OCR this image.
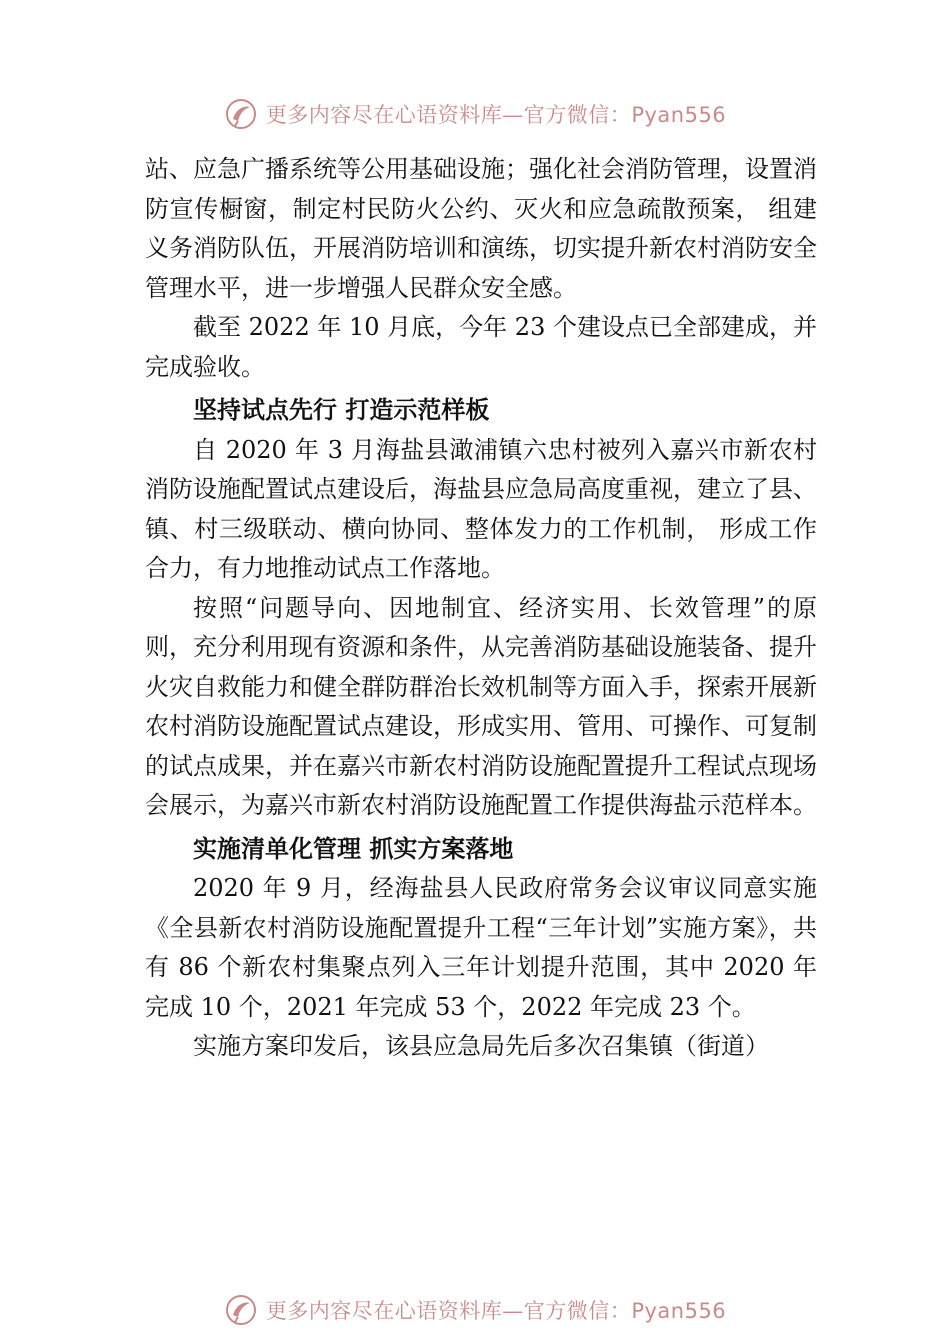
更多内容尽在心语资料库—官方微信：Pyan556

站、应急广播系统等公用基础设施；强化社会消防管理，设置消防宣传橱窗，制定村民防火公约、灭火和应急疏散预案， 组建义务消防队伍，开展消防培训和演练，切实提升新农村消防安全管理水平，进一步增强人民群众安全感。

截至 2022 年 10 月底，今年 23 个建设点已全部建成，并完成验收。

坚持试点先行 打造示范样板

自 2020 年 3 月海盐县澉浦镇六忠村被列入嘉兴市新农村消防设施配置试点建设后，海盐县应急局高度重视，建立了县、镇、村三级联动、横向协同、整体发力的工作机制， 形成工作合力，有力地推动试点工作落地。

按照“问题导向、因地制宜、经济实用、长效管理”的原则，充分利用现有资源和条件，从完善消防基础设施装备、提升火灾自救能力和健全群防群治长效机制等方面入手，探索开展新农村消防设施配置试点建设，形成实用、管用、可操作、可复制的试点成果，并在嘉兴市新农村消防设施配置提升工程试点现场会展示，为嘉兴市新农村消防设施配置工作提供海盐示范样本。

实施清单化管理 抓实方案落地

2020 年 9 月，经海盐县人民政府常务会议审议同意实施《全县新农村消防设施配置提升工程“三年计划”实施方案》，共有 86 个新农村集聚点列入三年计划提升范围，其中 2020 年完成 10 个，2021 年完成 53 个，2022 年完成 23 个。

实施方案印发后，该县应急局先后多次召集镇（街道）

更多内容尽在心语资料库—官方微信：Pyan556
